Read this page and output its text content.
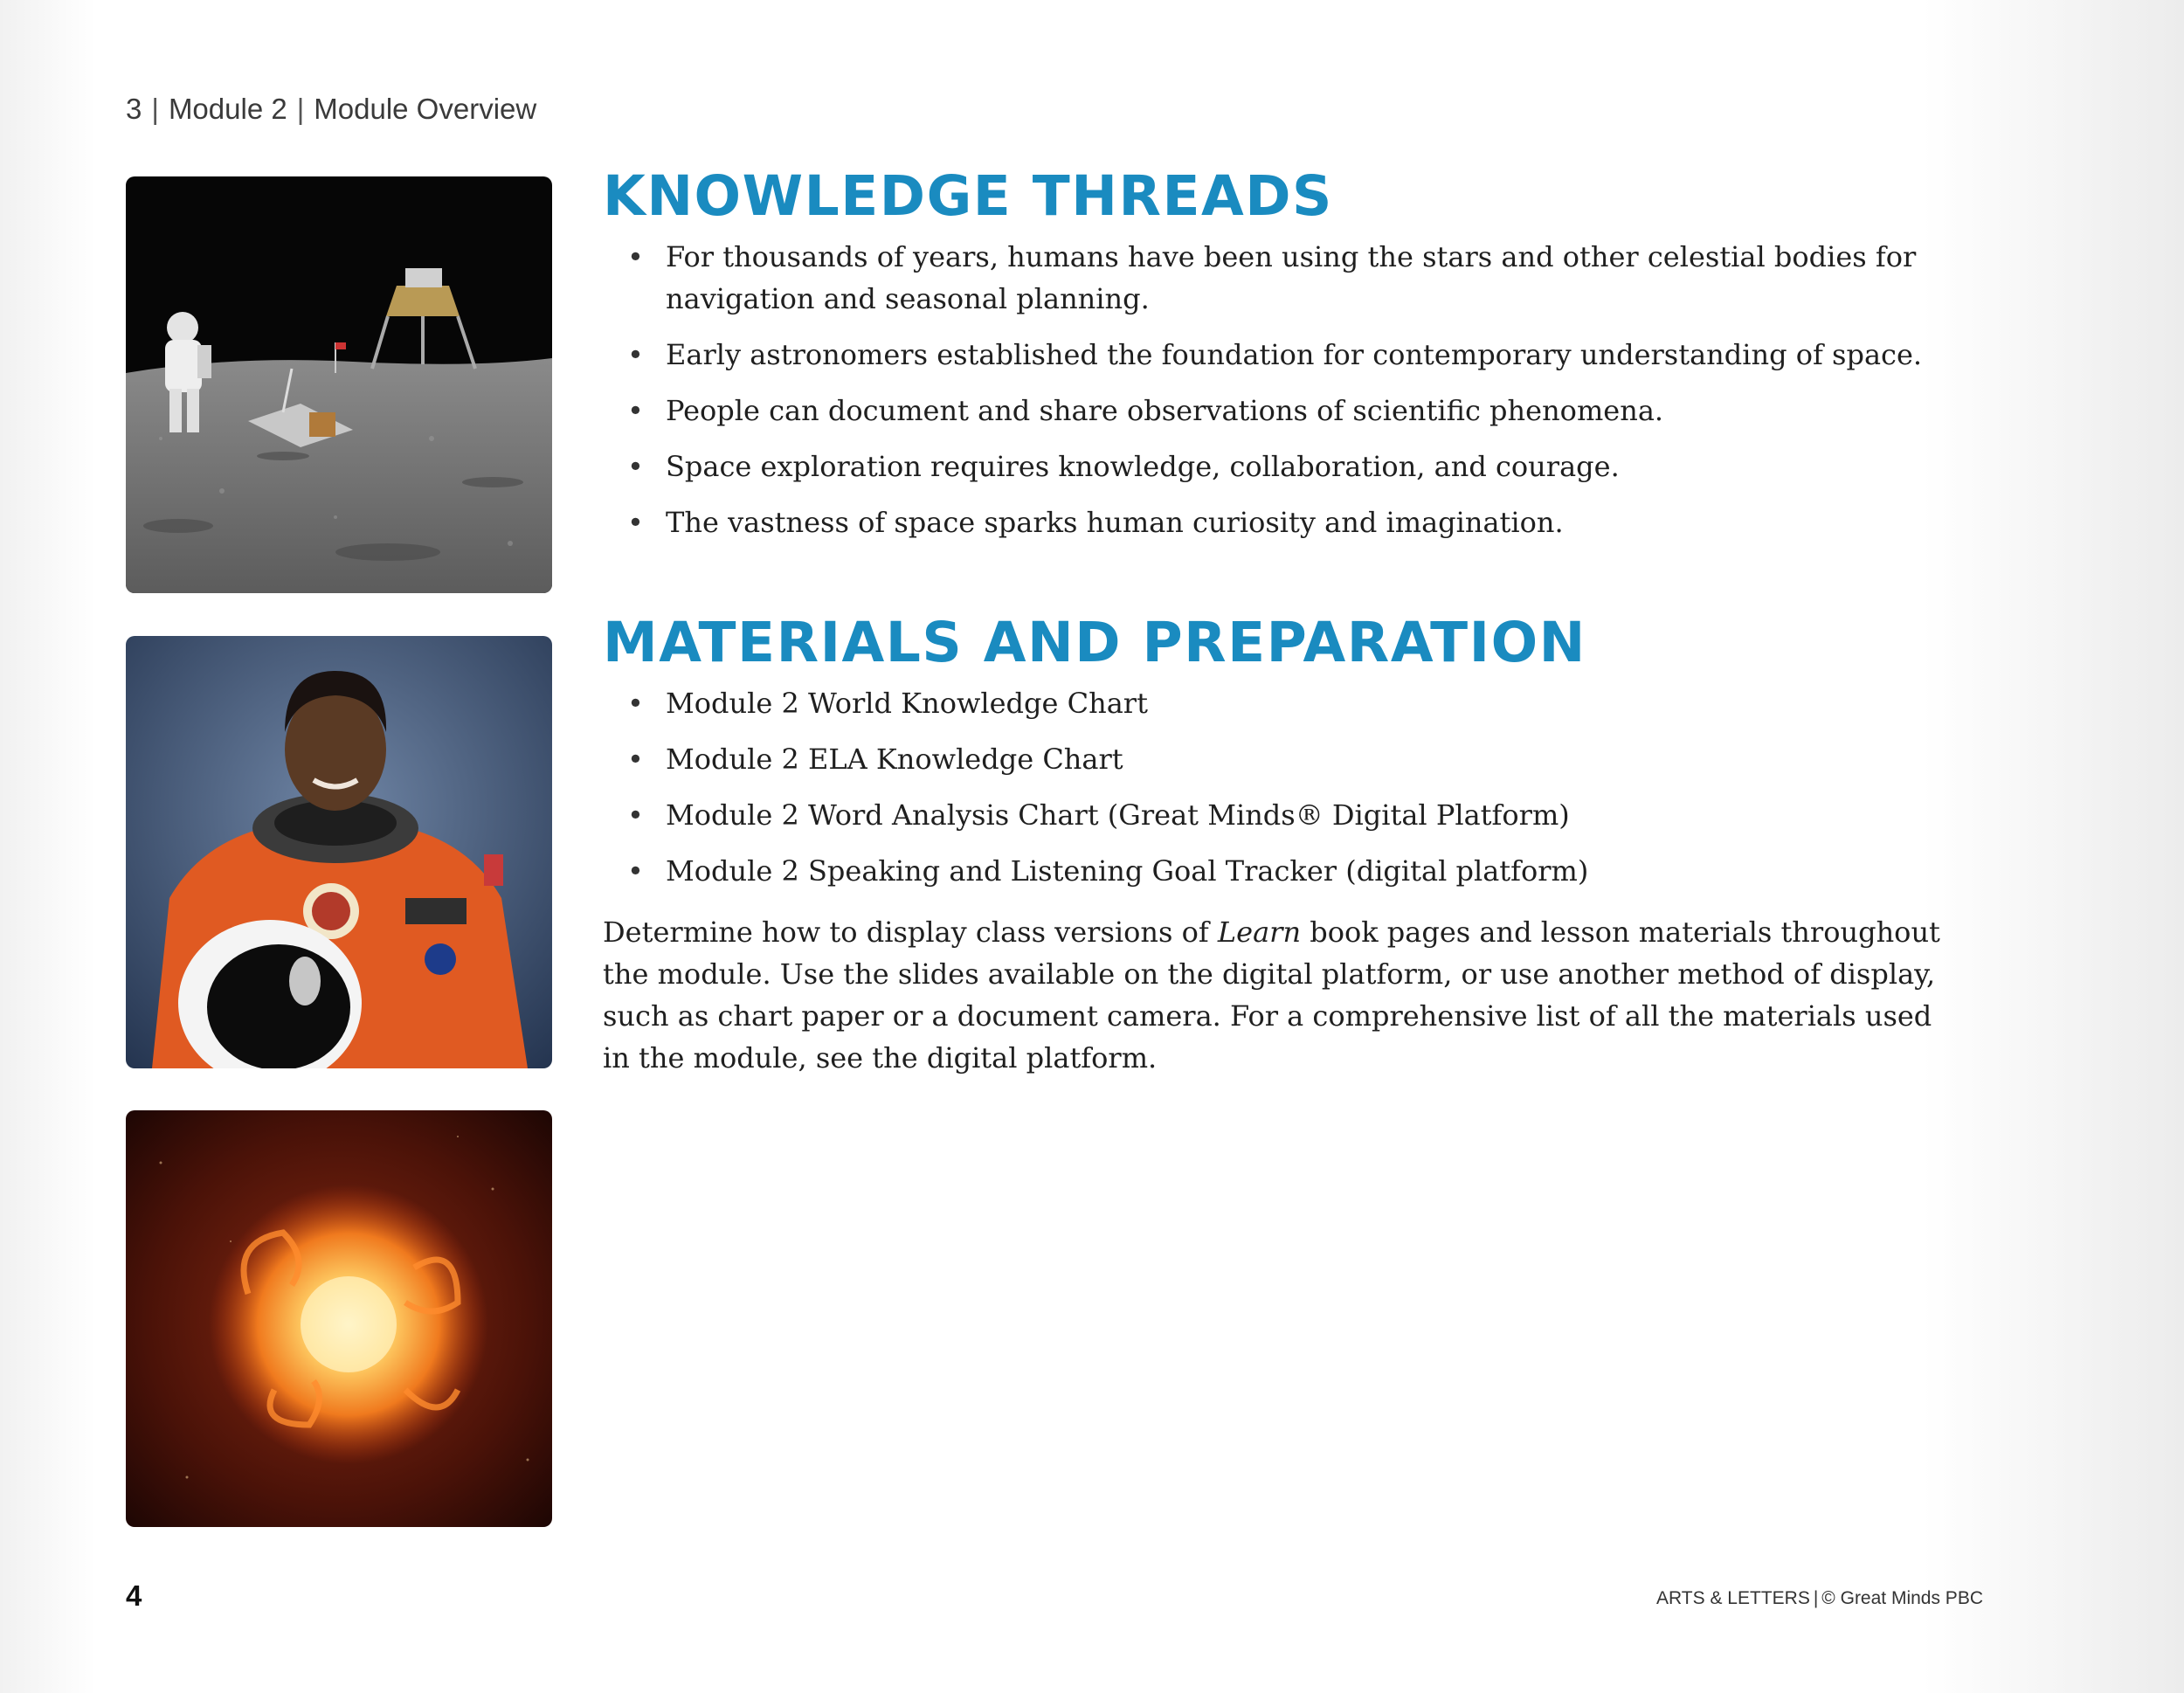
3 | Module 2 | Module Overview
KNOWLEDGE THREADS
• For thousands of years, humans have been using the stars and other celestial bodies for navigation and seasonal planning.
• Early astronomers established the foundation for contemporary understanding of space.
• People can document and share observations of scientific phenomena.
• Space exploration requires knowledge, collaboration, and courage.
• The vastness of space sparks human curiosity and imagination.
MATERIALS AND PREPARATION
• Module 2 World Knowledge Chart
• Module 2 ELA Knowledge Chart
• Module 2 Word Analysis Chart (Great Minds® Digital Platform)
• Module 2 Speaking and Listening Goal Tracker (digital platform)

Determine how to display class versions of Learn book pages and lesson materials throughout the module. Use the slides available on the digital platform, or use another method of display, such as chart paper or a document camera. For a comprehensive list of all the materials used in the module, see the digital platform.

4	ARTS & LETTERS | © Great Minds PBC
